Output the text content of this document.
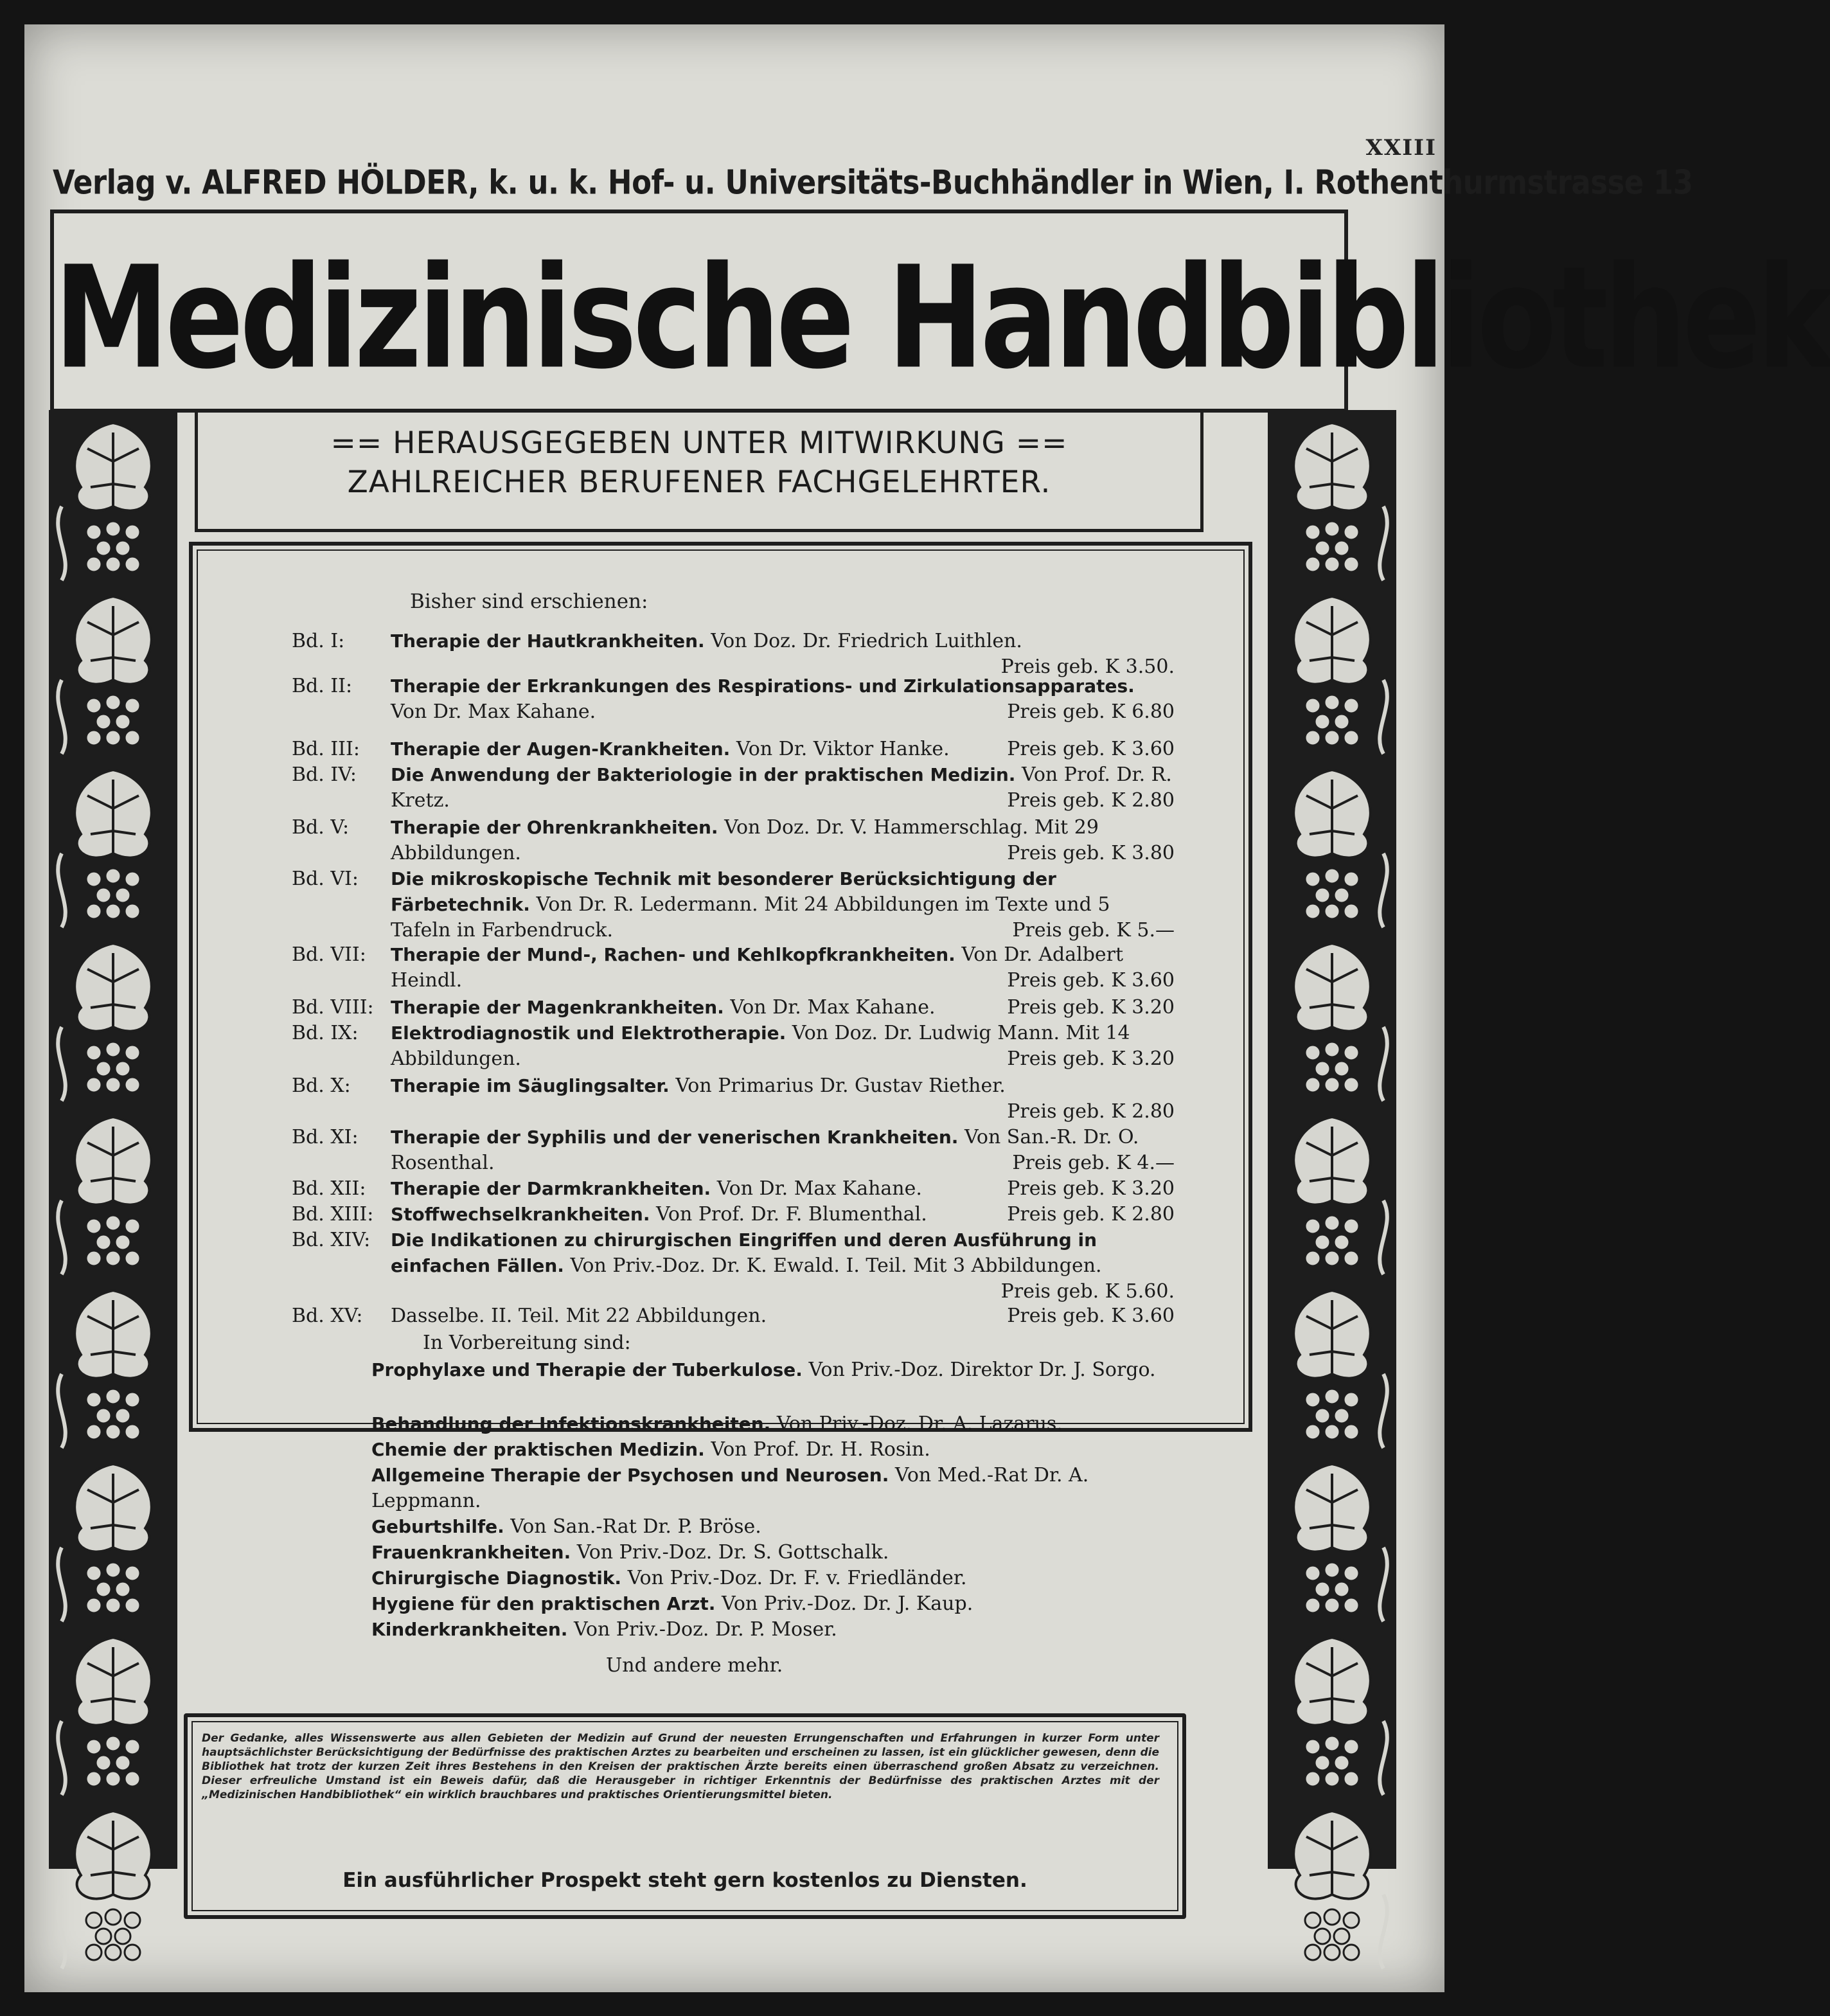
XXIII
Verlag v. ALFRED HÖLDER, k. u. k. Hof- u. Universitäts-Buchhändler in Wien, I. Rothenthurmstrasse 13
Medizinische Handbibliothek
== HERAUSGEGEBEN UNTER MITWIRKUNG ==
ZAHLREICHER BERUFENER FACHGELEHRTER.
Bisher sind erschienen:
Bd. I:	Therapie der Hautkrankheiten. Von Doz. Dr. Friedrich Luithlen.
Preis geb. K 3.50.
Bd. II:	Therapie der Erkrankungen des Respirations- und Zirkulationsapparates. Von Dr. Max Kahane.	Preis geb. K 6.80
Bd. III:	Therapie der Augen-Krankheiten. Von Dr. Viktor Hanke.	Preis geb. K 3.60
Bd. IV:	Die Anwendung der Bakteriologie in der praktischen Medizin. Von Prof. Dr. R. Kretz.	Preis geb. K 2.80
Bd. V:	Therapie der Ohrenkrankheiten. Von Doz. Dr. V. Hammerschlag. Mit 29 Abbildungen.	Preis geb. K 3.80
Bd. VI:	Die mikroskopische Technik mit besonderer Berücksichtigung der Färbetechnik. Von Dr. R. Ledermann. Mit 24 Abbildungen im Texte und 5 Tafeln in Farbendruck.	Preis geb. K 5.—
Bd. VII:	Therapie der Mund-, Rachen- und Kehlkopfkrankheiten. Von Dr. Adalbert Heindl.	Preis geb. K 3.60
Bd. VIII: Therapie der Magenkrankheiten. Von Dr. Max Kahane.	Preis geb. K 3.20
Bd. IX:	Elektrodiagnostik und Elektrotherapie. Von Doz. Dr. Ludwig Mann. Mit 14 Abbildungen.	Preis geb. K 3.20
Bd. X:	Therapie im Säuglingsalter. Von Primarius Dr. Gustav Riether.
Preis geb. K 2.80
Bd. XI:	Therapie der Syphilis und der venerischen Krankheiten. Von San.-R. Dr. O. Rosenthal.	Preis geb. K 4.—
Bd. XII:	Therapie der Darmkrankheiten. Von Dr. Max Kahane.	Preis geb. K 3.20
Bd. XIII: Stoffwechselkrankheiten. Von Prof. Dr. F. Blumenthal.	Preis geb. K 2.80
Bd. XIV:	Die Indikationen zu chirurgischen Eingriffen und deren Ausführung in einfachen Fällen. Von Priv.-Doz. Dr. K. Ewald. I. Teil. Mit 3 Abbildungen.
Preis geb. K 5.60.
Bd. XV:	Dasselbe. II. Teil. Mit 22 Abbildungen.	Preis geb. K 3.60
In Vorbereitung sind:
Prophylaxe und Therapie der Tuberkulose. Von Priv.-Doz. Direktor Dr. J. Sorgo.
Behandlung der Infektionskrankheiten. Von Priv.-Doz. Dr. A. Lazarus.
Chemie der praktischen Medizin. Von Prof. Dr. H. Rosin.
Allgemeine Therapie der Psychosen und Neurosen. Von Med.-Rat Dr. A. Leppmann.
Geburtshilfe. Von San.-Rat Dr. P. Bröse.
Frauenkrankheiten. Von Priv.-Doz. Dr. S. Gottschalk.
Chirurgische Diagnostik. Von Priv.-Doz. Dr. F. v. Friedländer.
Hygiene für den praktischen Arzt. Von Priv.-Doz. Dr. J. Kaup.
Kinderkrankheiten. Von Priv.-Doz. Dr. P. Moser.
Und andere mehr.
Der Gedanke, alles Wissenswerte aus allen Gebieten der Medizin auf Grund der neuesten Errungenschaften und Erfahrungen in kurzer Form unter hauptsächlichster Berücksichtigung der Bedürfnisse des praktischen Arztes zu bearbeiten und erscheinen zu lassen, ist ein glücklicher gewesen, denn die Bibliothek hat trotz der kurzen Zeit ihres Bestehens in den Kreisen der praktischen Ärzte bereits einen überraschend großen Absatz zu verzeichnen. Dieser erfreuliche Umstand ist ein Beweis dafür, daß die Herausgeber in richtiger Erkenntnis der Bedürfnisse des praktischen Arztes mit der „Medizinischen Handbibliothek“ ein wirklich brauchbares und praktisches Orientierungsmittel bieten.
Ein ausführlicher Prospekt steht gern kostenlos zu Diensten.
